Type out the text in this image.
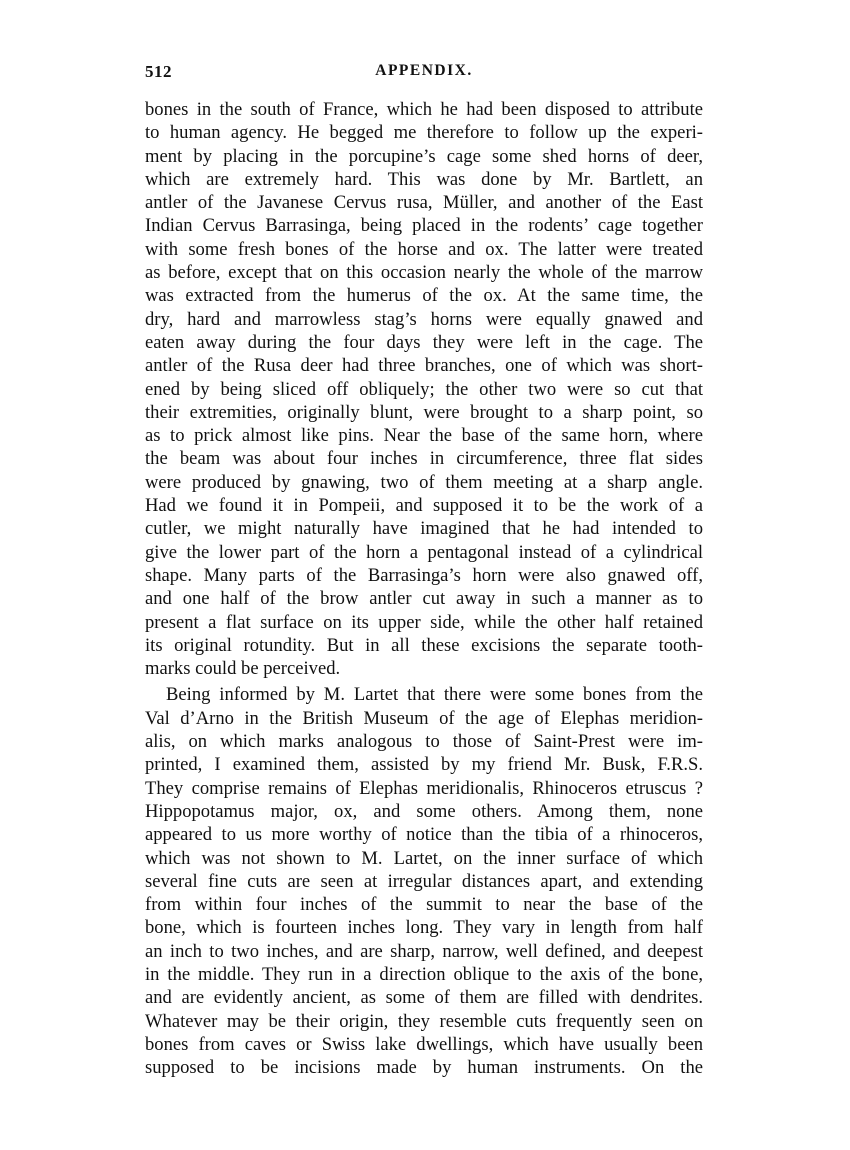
512	APPENDIX.
bones in the south of France, which he had been disposed to attribute
to human agency. He begged me therefore to follow up the experi-
ment by placing in the porcupine’s cage some shed horns of deer,
which are extremely hard. This was done by Mr. Bartlett, an
antler of the Javanese Cervus rusa, Müller, and another of the East
Indian Cervus Barrasinga, being placed in the rodents’ cage together
with some fresh bones of the horse and ox. The latter were treated
as before, except that on this occasion nearly the whole of the marrow
was extracted from the humerus of the ox. At the same time, the
dry, hard and marrowless stag’s horns were equally gnawed and
eaten away during the four days they were left in the cage. The
antler of the Rusa deer had three branches, one of which was short-
ened by being sliced off obliquely; the other two were so cut that
their extremities, originally blunt, were brought to a sharp point, so
as to prick almost like pins. Near the base of the same horn, where
the beam was about four inches in circumference, three flat sides
were produced by gnawing, two of them meeting at a sharp angle.
Had we found it in Pompeii, and supposed it to be the work of a
cutler, we might naturally have imagined that he had intended to
give the lower part of the horn a pentagonal instead of a cylindrical
shape. Many parts of the Barrasinga’s horn were also gnawed off,
and one half of the brow antler cut away in such a manner as to
present a flat surface on its upper side, while the other half retained
its original rotundity. But in all these excisions the separate tooth-
marks could be perceived.
Being informed by M. Lartet that there were some bones from the
Val d’Arno in the British Museum of the age of Elephas meridion-
alis, on which marks analogous to those of Saint-Prest were im-
printed, I examined them, assisted by my friend Mr. Busk, F.R.S.
They comprise remains of Elephas meridionalis, Rhinoceros etruscus ?
Hippopotamus major, ox, and some others. Among them, none
appeared to us more worthy of notice than the tibia of a rhinoceros,
which was not shown to M. Lartet, on the inner surface of which
several fine cuts are seen at irregular distances apart, and extending
from within four inches of the summit to near the base of the
bone, which is fourteen inches long. They vary in length from half
an inch to two inches, and are sharp, narrow, well defined, and deepest
in the middle. They run in a direction oblique to the axis of the bone,
and are evidently ancient, as some of them are filled with dendrites.
Whatever may be their origin, they resemble cuts frequently seen on
bones from caves or Swiss lake dwellings, which have usually been
supposed to be incisions made by human instruments. On the
